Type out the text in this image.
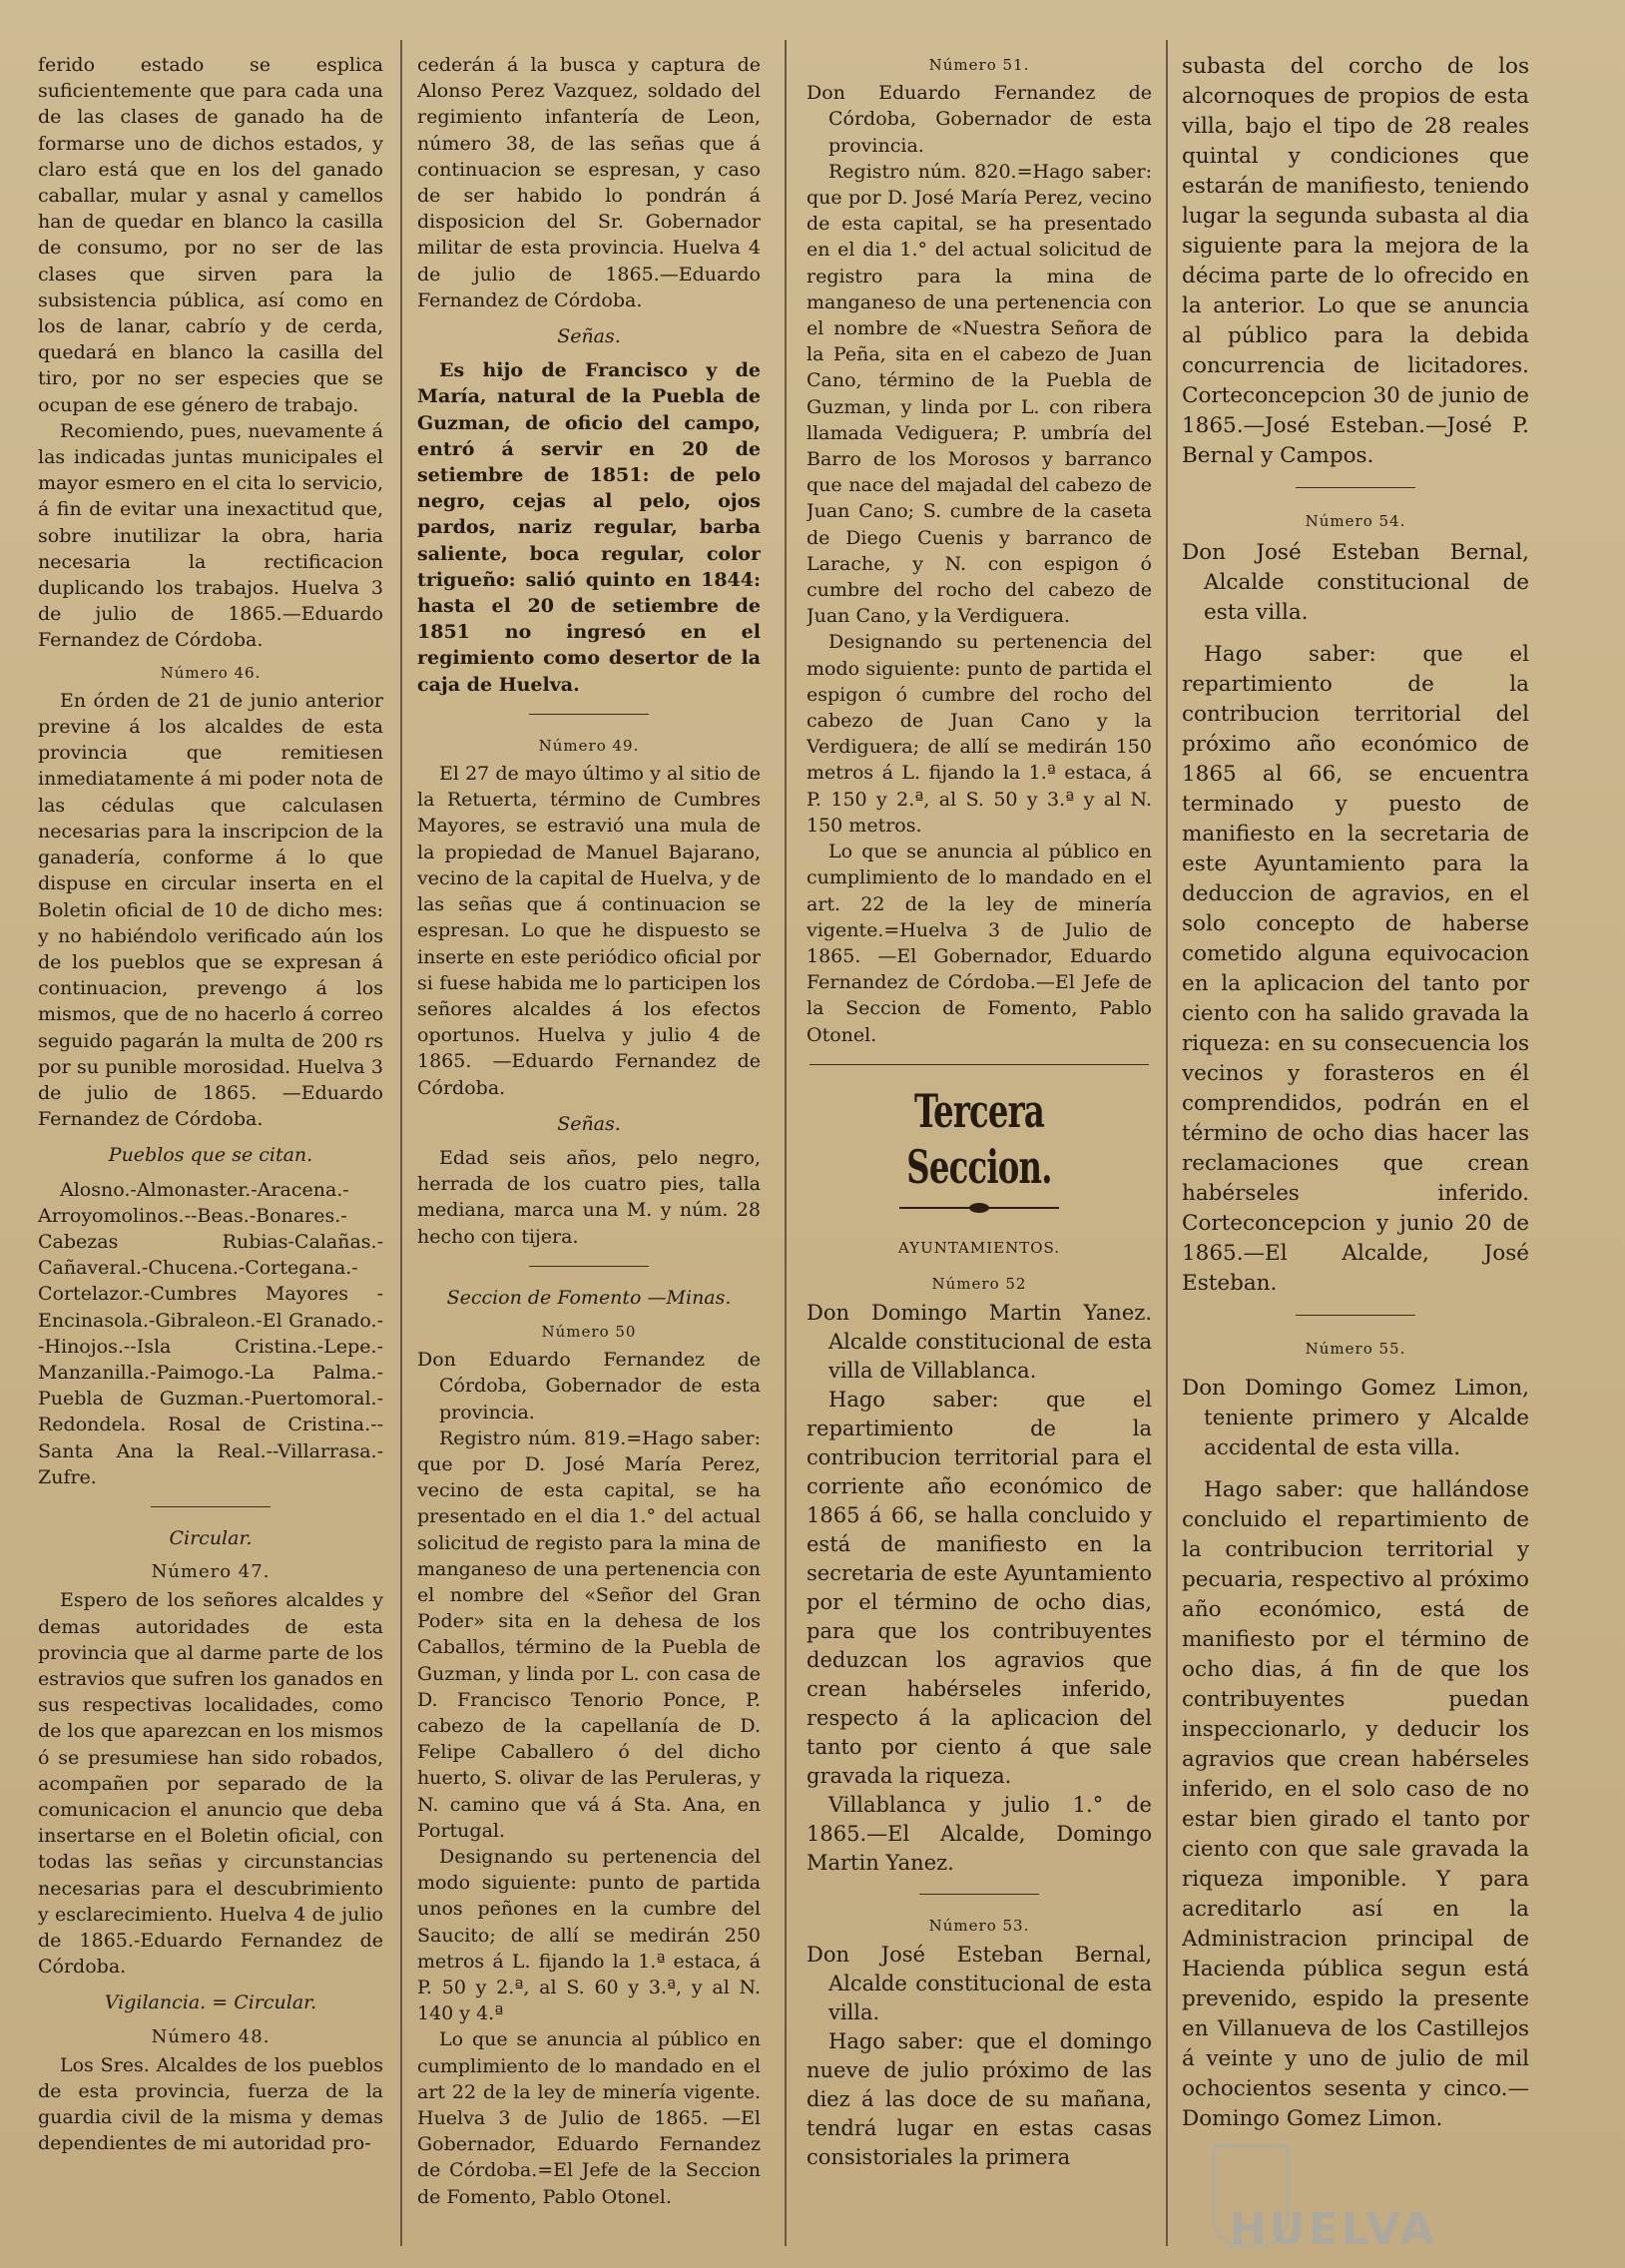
ferido estado se esplica suficientemente que para cada una de las clases de ganado ha de formarse uno de dichos estados, y claro está que en los del ganado caballar, mular y asnal y camellos han de quedar en blanco la casilla de consumo, por no ser de las clases que sirven para la subsistencia pública, así como en los de lanar, cabrío y de cerda, quedará en blanco la casilla del tiro, por no ser especies que se ocupan de ese género de trabajo.

Recomiendo, pues, nuevamente á las indicadas juntas municipales el mayor esmero en el cita lo servicio, á fin de evitar una inexactitud que, sobre inutilizar la obra, haria necesaria la rectificacion duplicando los trabajos. Huelva 3 de julio de 1865.—Eduardo Fernandez de Córdoba.

Número 46.

En órden de 21 de junio anterior previne á los alcaldes de esta provincia que remitiesen inmediatamente á mi poder nota de las cédulas que calculasen necesarias para la inscripcion de la ganadería, conforme á lo que dispuse en circular inserta en el Boletin oficial de 10 de dicho mes: y no habiéndolo verificado aún los de los pueblos que se expresan á continuacion, prevengo á los mismos, que de no hacerlo á correo seguido pagarán la multa de 200 rs por su punible morosidad. Huelva 3 de julio de 1865. —Eduardo Fernandez de Córdoba.

Pueblos que se citan.

Alosno.-Almonaster.-Aracena.-Arroyomolinos.--Beas.-Bonares.-Cabezas Rubias-Calañas.-Cañaveral.-Chucena.-Cortegana.-Cortelazor.-Cumbres Mayores -Encinasola.-Gibraleon.-El Granado.--Hinojos.--Isla Cristina.-Lepe.-Manzanilla.-Paimogo.-La Palma.-Puebla de Guzman.-Puertomoral.-Redondela. Rosal de Cristina.--Santa Ana la Real.--Villarrasa.-Zufre.

Circular.

Número 47.

Espero de los señores alcaldes y demas autoridades de esta provincia que al darme parte de los estravios que sufren los ganados en sus respectivas localidades, como de los que aparezcan en los mismos ó se presumiese han sido robados, acompañen por separado de la comunicacion el anuncio que deba insertarse en el Boletin oficial, con todas las señas y circunstancias necesarias para el descubrimiento y esclarecimiento. Huelva 4 de julio de 1865.-Eduardo Fernandez de Córdoba.

Vigilancia. = Circular.

Número 48.

Los Sres. Alcaldes de los pueblos de esta provincia, fuerza de la guardia civil de la misma y demas dependientes de mi autoridad pro-

cederán á la busca y captura de Alonso Perez Vazquez, soldado del regimiento infantería de Leon, número 38, de las señas que á continuacion se espresan, y caso de ser habido lo pondrán á disposicion del Sr. Gobernador militar de esta provincia. Huelva 4 de julio de 1865.—Eduardo Fernandez de Córdoba.

Señas.

Es hijo de Francisco y de María, natural de la Puebla de Guzman, de oficio del campo, entró á servir en 20 de setiembre de 1851: de pelo negro, cejas al pelo, ojos pardos, nariz regular, barba saliente, boca regular, color trigueño: salió quinto en 1844: hasta el 20 de setiembre de 1851 no ingresó en el regimiento como desertor de la caja de Huelva.

Número 49.

El 27 de mayo último y al sitio de la Retuerta, término de Cumbres Mayores, se estravió una mula de la propiedad de Manuel Bajarano, vecino de la capital de Huelva, y de las señas que á continuacion se espresan. Lo que he dispuesto se inserte en este periódico oficial por si fuese habida me lo participen los señores alcaldes á los efectos oportunos. Huelva y julio 4 de 1865. —Eduardo Fernandez de Córdoba.

Señas.

Edad seis años, pelo negro, herrada de los cuatro pies, talla mediana, marca una M. y núm. 28 hecho con tijera.

Seccion de Fomento —Minas.

Número 50

Don Eduardo Fernandez de Córdoba, Gobernador de esta provincia.

Registro núm. 819.=Hago saber: que por D. José María Perez, vecino de esta capital, se ha presentado en el dia 1.° del actual solicitud de registo para la mina de manganeso de una pertenencia con el nombre del «Señor del Gran Poder» sita en la dehesa de los Caballos, término de la Puebla de Guzman, y linda por L. con casa de D. Francisco Tenorio Ponce, P. cabezo de la capellanía de D. Felipe Caballero ó del dicho huerto, S. olivar de las Peruleras, y N. camino que vá á Sta. Ana, en Portugal.

Designando su pertenencia del modo siguiente: punto de partida unos peñones en la cumbre del Saucito; de allí se medirán 250 metros á L. fijando la 1.ª estaca, á P. 50 y 2.ª, al S. 60 y 3.ª, y al N. 140 y 4.ª

Lo que se anuncia al público en cumplimiento de lo mandado en el art 22 de la ley de minería vigente. Huelva 3 de Julio de 1865. —El Gobernador, Eduardo Fernandez de Córdoba.=El Jefe de la Seccion de Fomento, Pablo Otonel.

Número 51.

Don Eduardo Fernandez de Córdoba, Gobernador de esta provincia.

Registro núm. 820.=Hago saber: que por D. José María Perez, vecino de esta capital, se ha presentado en el dia 1.° del actual solicitud de registro para la mina de manganeso de una pertenencia con el nombre de «Nuestra Señora de la Peña, sita en el cabezo de Juan Cano, término de la Puebla de Guzman, y linda por L. con ribera llamada Vediguera; P. umbría del Barro de los Morosos y barranco que nace del majadal del cabezo de Juan Cano; S. cumbre de la caseta de Diego Cuenis y barranco de Larache, y N. con espigon ó cumbre del rocho del cabezo de Juan Cano, y la Verdiguera.

Designando su pertenencia del modo siguiente: punto de partida el espigon ó cumbre del rocho del cabezo de Juan Cano y la Verdiguera; de allí se medirán 150 metros á L. fijando la 1.ª estaca, á P. 150 y 2.ª, al S. 50 y 3.ª y al N. 150 metros.

Lo que se anuncia al público en cumplimiento de lo mandado en el art. 22 de la ley de minería vigente.=Huelva 3 de Julio de 1865. —El Gobernador, Eduardo Fernandez de Córdoba.—El Jefe de la Seccion de Fomento, Pablo Otonel.

Tercera Seccion.

AYUNTAMIENTOS.

Número 52

Don Domingo Martin Yanez. Alcalde constitucional de esta villa de Villablanca.

Hago saber: que el repartimiento de la contribucion territorial para el corriente año económico de 1865 á 66, se halla concluido y está de manifiesto en la secretaria de este Ayuntamiento por el término de ocho dias, para que los contribuyentes deduzcan los agravios que crean habérseles inferido, respecto á la aplicacion del tanto por ciento á que sale gravada la riqueza.

Villablanca y julio 1.° de 1865.—El Alcalde, Domingo Martin Yanez.

Número 53.

Don José Esteban Bernal, Alcalde constitucional de esta villa.

Hago saber: que el domingo nueve de julio próximo de las diez á las doce de su mañana, tendrá lugar en estas casas consistoriales la primera

subasta del corcho de los alcornoques de propios de esta villa, bajo el tipo de 28 reales quintal y condiciones que estarán de manifiesto, teniendo lugar la segunda subasta al dia siguiente para la mejora de la décima parte de lo ofrecido en la anterior. Lo que se anuncia al público para la debida concurrencia de licitadores. Corteconcepcion 30 de junio de 1865.—José Esteban.—José P. Bernal y Campos.

Número 54.

Don José Esteban Bernal, Alcalde constitucional de esta villa.

Hago saber: que el repartimiento de la contribucion territorial del próximo año económico de 1865 al 66, se encuentra terminado y puesto de manifiesto en la secretaria de este Ayuntamiento para la deduccion de agravios, en el solo concepto de haberse cometido alguna equivocacion en la aplicacion del tanto por ciento con ha salido gravada la riqueza: en su consecuencia los vecinos y forasteros en él comprendidos, podrán en el término de ocho dias hacer las reclamaciones que crean habérseles inferido. Corteconcepcion y junio 20 de 1865.—El Alcalde, José Esteban.

Número 55.

Don Domingo Gomez Limon, teniente primero y Alcalde accidental de esta villa.

Hago saber: que hallándose concluido el repartimiento de la contribucion territorial y pecuaria, respectivo al próximo año económico, está de manifiesto por el término de ocho dias, á fin de que los contribuyentes puedan inspeccionarlo, y deducir los agravios que crean habérseles inferido, en el solo caso de no estar bien girado el tanto por ciento con que sale gravada la riqueza imponible. Y para acreditarlo así en la Administracion principal de Hacienda pública segun está prevenido, espido la presente en Villanueva de los Castillejos á veinte y uno de julio de mil ochocientos sesenta y cinco.—Domingo Gomez Limon.

HUELVA
